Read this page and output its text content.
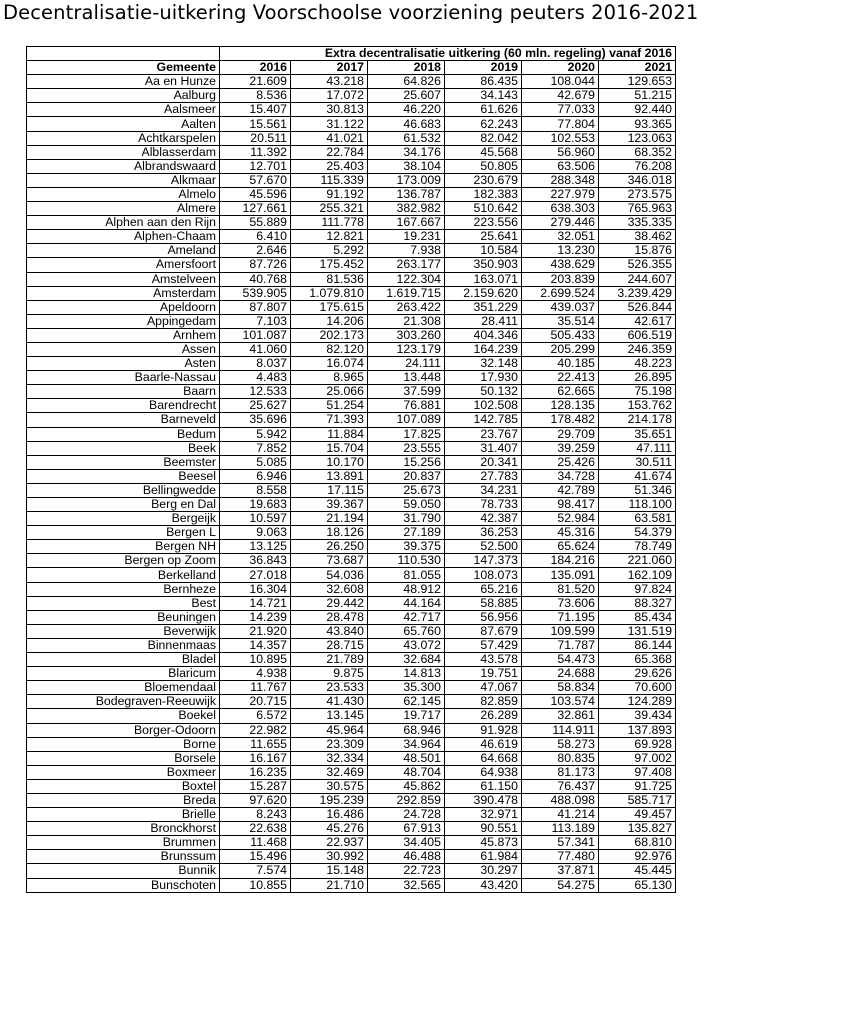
Decentralisatie-uitkering Voorschoolse voorziening peuters 2016-2021
	Extra decentralisatie uitkering (60 mln. regeling) vanaf 2016					
Gemeente	2016	2017	2018	2019	2020	2021
Aa en Hunze	21.609	43.218	64.826	86.435	108.044	129.653
Aalburg	8.536	17.072	25.607	34.143	42.679	51.215
Aalsmeer	15.407	30.813	46.220	61.626	77.033	92.440
Aalten	15.561	31.122	46.683	62.243	77.804	93.365
Achtkarspelen	20.511	41.021	61.532	82.042	102.553	123.063
Alblasserdam	11.392	22.784	34.176	45.568	56.960	68.352
Albrandswaard	12.701	25.403	38.104	50.805	63.506	76.208
Alkmaar	57.670	115.339	173.009	230.679	288.348	346.018
Almelo	45.596	91.192	136.787	182.383	227.979	273.575
Almere	127.661	255.321	382.982	510.642	638.303	765.963
Alphen aan den Rijn	55.889	111.778	167.667	223.556	279.446	335.335
Alphen-Chaam	6.410	12.821	19.231	25.641	32.051	38.462
Ameland	2.646	5.292	7.938	10.584	13.230	15.876
Amersfoort	87.726	175.452	263.177	350.903	438.629	526.355
Amstelveen	40.768	81.536	122.304	163.071	203.839	244.607
Amsterdam	539.905	1.079.810	1.619.715	2.159.620	2.699.524	3.239.429
Apeldoorn	87.807	175.615	263.422	351.229	439.037	526.844
Appingedam	7.103	14.206	21.308	28.411	35.514	42.617
Arnhem	101.087	202.173	303.260	404.346	505.433	606.519
Assen	41.060	82.120	123.179	164.239	205.299	246.359
Asten	8.037	16.074	24.111	32.148	40.185	48.223
Baarle-Nassau	4.483	8.965	13.448	17.930	22.413	26.895
Baarn	12.533	25.066	37.599	50.132	62.665	75.198
Barendrecht	25.627	51.254	76.881	102.508	128.135	153.762
Barneveld	35.696	71.393	107.089	142.785	178.482	214.178
Bedum	5.942	11.884	17.825	23.767	29.709	35.651
Beek	7.852	15.704	23.555	31.407	39.259	47.111
Beemster	5.085	10.170	15.256	20.341	25.426	30.511
Beesel	6.946	13.891	20.837	27.783	34.728	41.674
Bellingwedde	8.558	17.115	25.673	34.231	42.789	51.346
Berg en Dal	19.683	39.367	59.050	78.733	98.417	118.100
Bergeijk	10.597	21.194	31.790	42.387	52.984	63.581
Bergen L	9.063	18.126	27.189	36.253	45.316	54.379
Bergen NH	13.125	26.250	39.375	52.500	65.624	78.749
Bergen op Zoom	36.843	73.687	110.530	147.373	184.216	221.060
Berkelland	27.018	54.036	81.055	108.073	135.091	162.109
Bernheze	16.304	32.608	48.912	65.216	81.520	97.824
Best	14.721	29.442	44.164	58.885	73.606	88.327
Beuningen	14.239	28.478	42.717	56.956	71.195	85.434
Beverwijk	21.920	43.840	65.760	87.679	109.599	131.519
Binnenmaas	14.357	28.715	43.072	57.429	71.787	86.144
Bladel	10.895	21.789	32.684	43.578	54.473	65.368
Blaricum	4.938	9.875	14.813	19.751	24.688	29.626
Bloemendaal	11.767	23.533	35.300	47.067	58.834	70.600
Bodegraven-Reeuwijk	20.715	41.430	62.145	82.859	103.574	124.289
Boekel	6.572	13.145	19.717	26.289	32.861	39.434
Borger-Odoorn	22.982	45.964	68.946	91.928	114.911	137.893
Borne	11.655	23.309	34.964	46.619	58.273	69.928
Borsele	16.167	32.334	48.501	64.668	80.835	97.002
Boxmeer	16.235	32.469	48.704	64.938	81.173	97.408
Boxtel	15.287	30.575	45.862	61.150	76.437	91.725
Breda	97.620	195.239	292.859	390.478	488.098	585.717
Brielle	8.243	16.486	24.728	32.971	41.214	49.457
Bronckhorst	22.638	45.276	67.913	90.551	113.189	135.827
Brummen	11.468	22.937	34.405	45.873	57.341	68.810
Brunssum	15.496	30.992	46.488	61.984	77.480	92.976
Bunnik	7.574	15.148	22.723	30.297	37.871	45.445
Bunschoten	10.855	21.710	32.565	43.420	54.275	65.130
